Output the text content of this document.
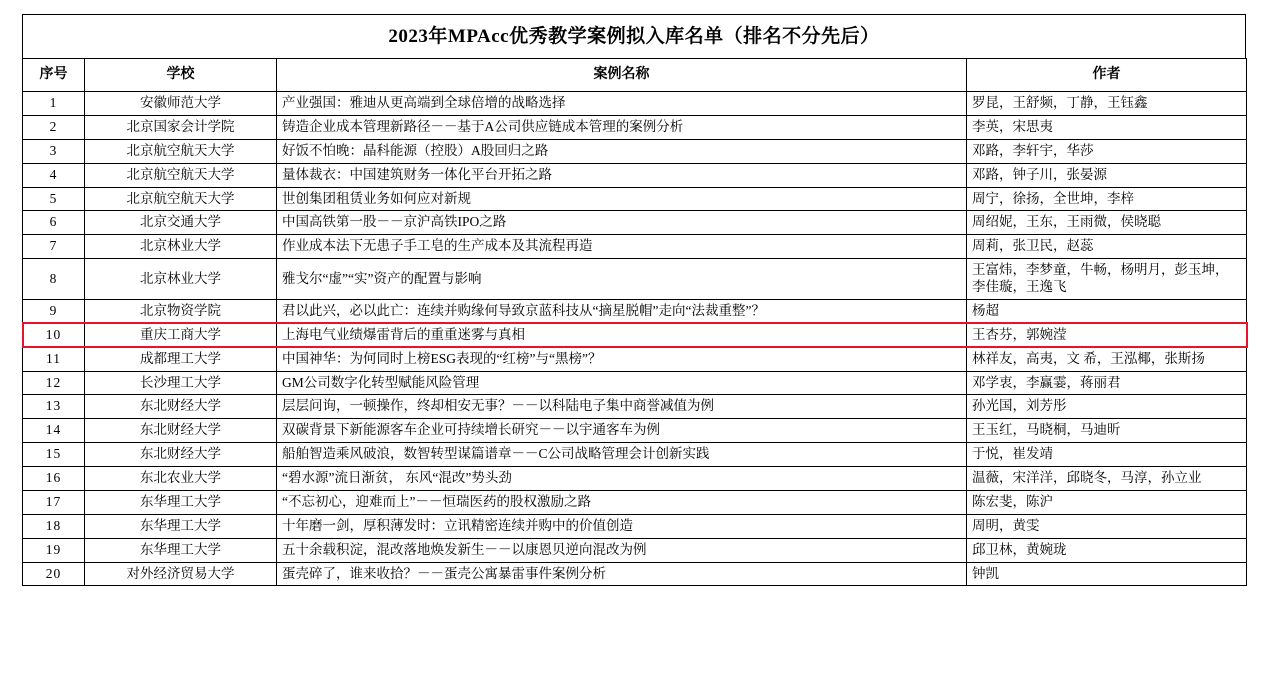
2023年MPAcc优秀教学案例拟入库名单（排名不分先后）
序号	学校	案例名称	作者
1	安徽师范大学	产业强国：雅迪从更高端到全球倍增的战略选择	罗昆，王舒频，丁静，王钰鑫
2	北京国家会计学院	铸造企业成本管理新路径－－基于A公司供应链成本管理的案例分析	李英，宋思夷
3	北京航空航天大学	好饭不怕晚：晶科能源（控股）A股回归之路	邓路，李轩宇，华莎
4	北京航空航天大学	量体裁衣：中国建筑财务一体化平台开拓之路	邓路，钟子川，张晏源
5	北京航空航天大学	世创集团租赁业务如何应对新规	周宁，徐扬，全世坤，李梓
6	北京交通大学	中国高铁第一股－－京沪高铁IPO之路	周绍妮，王东，王雨微，侯晓聪
7	北京林业大学	作业成本法下无患子手工皂的生产成本及其流程再造	周莉，张卫民，赵蕊
8	北京林业大学	雅戈尔“虚”“实”资产的配置与影响	王富炜，李梦童，牛畅，杨明月，彭玉坤，李佳璇，王逸飞
9	北京物资学院	君以此兴，必以此亡：连续并购缘何导致京蓝科技从“摘星脱帽”走向“法裁重整”？	杨超
10	重庆工商大学	上海电气业绩爆雷背后的重重迷雾与真相	王杏芬，郭婉滢
11	成都理工大学	中国神华：为何同时上榜ESG表现的“红榜”与“黑榜”？	林祥友，高夷，文 希，王泓椰，张斯扬
12	长沙理工大学	GM公司数字化转型赋能风险管理	邓学衷，李赢霎，蒋丽君
13	东北财经大学	层层问询，一顿操作，终却相安无事？－－以科陆电子集中商誉减值为例	孙光国，刘芳彤
14	东北财经大学	双碳背景下新能源客车企业可持续增长研究－－以宇通客车为例	王玉红，马晓桐，马迪昕
15	东北财经大学	船舶智造乘风破浪，数智转型谋篇谱章－－C公司战略管理会计创新实践	于悦，崔发靖
16	东北农业大学	“碧水源”流日渐贫， 东风“混改”势头劲	温薇，宋洋洋，邱晓冬，马淳，孙立业
17	东华理工大学	“不忘初心，迎难而上”－－恒瑞医药的股权激励之路	陈宏斐，陈沪
18	东华理工大学	十年磨一剑，厚积薄发时：立讯精密连续并购中的价值创造	周明，黄雯
19	东华理工大学	五十余载积淀，混改落地焕发新生－－以康恩贝逆向混改为例	邱卫林，黄婉珑
20	对外经济贸易大学	蛋壳碎了，谁来收拾？－－蛋壳公寓暴雷事件案例分析	钟凯
